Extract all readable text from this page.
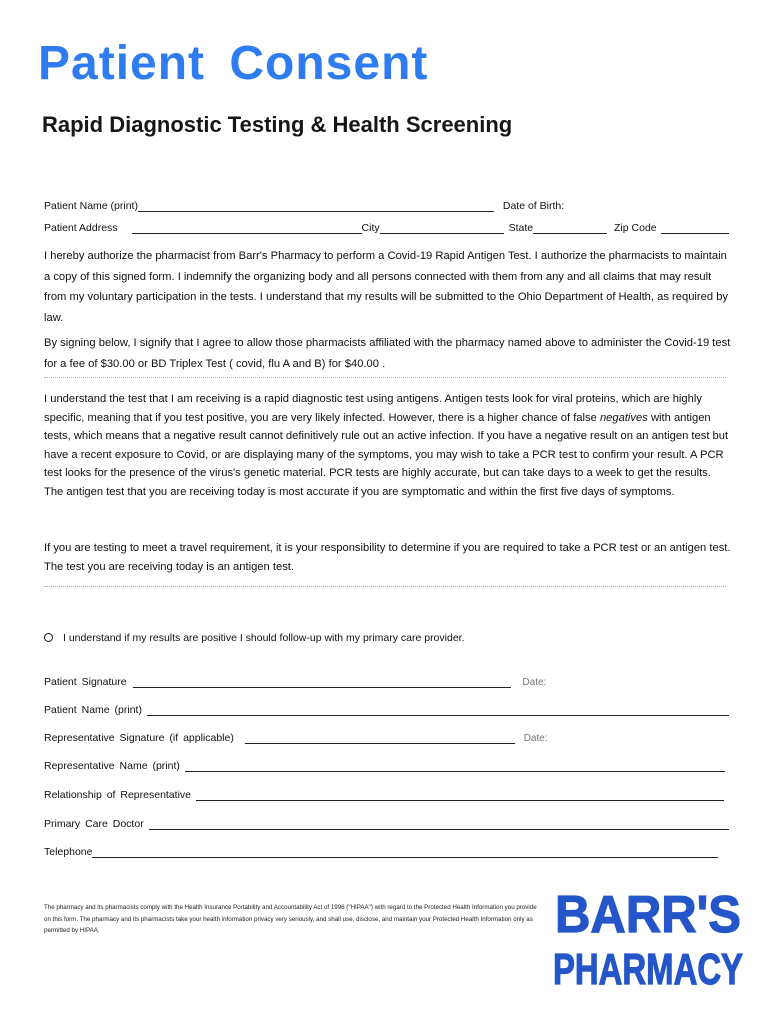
Patient Consent
Rapid Diagnostic Testing & Health Screening
Patient Name (print)	Date of Birth:
Patient Address	City	State	Zip Code
I hereby authorize the pharmacist from Barr's Pharmacy to perform a Covid-19 Rapid Antigen Test. I authorize the pharmacists to maintain a copy of this signed form. I indemnify the organizing body and all persons connected with them from any and all claims that may result from my voluntary participation in the tests. I understand that my results will be submitted to the Ohio Department of Health, as required by law.
By signing below, I signify that I agree to allow those pharmacists affiliated with the pharmacy named above to administer the Covid-19 test for a fee of $30.00 or BD Triplex Test ( covid, flu A and B) for $40.00 .
I understand the test that I am receiving is a rapid diagnostic test using antigens. Antigen tests look for viral proteins, which are highly specific, meaning that if you test positive, you are very likely infected. However, there is a higher chance of false negatives with antigen tests, which means that a negative result cannot definitively rule out an active infection. If you have a negative result on an antigen test but have a recent exposure to Covid, or are displaying many of the symptoms, you may wish to take a PCR test to confirm your result. A PCR test looks for the presence of the virus's genetic material. PCR tests are highly accurate, but can take days to a week to get the results. The antigen test that you are receiving today is most accurate if you are symptomatic and within the first five days of symptoms.
If you are testing to meet a travel requirement, it is your responsibility to determine if you are required to take a PCR test or an antigen test. The test you are receiving today is an antigen test.
I understand if my results are positive I should follow-up with my primary care provider.
Patient Signature	Date:
Patient Name (print)
Representative Signature (if applicable)	Date:
Representative Name (print)
Relationship of Representative
Primary Care Doctor
Telephone
The pharmacy and its pharmacists comply with the Health Insurance Portability and Accountability Act of 1996 ("HIPAA") with regard to the Protected Health Information you provide on this form. The pharmacy and its pharmacists take your health information privacy very seriously, and shall use, disclose, and maintain your Protected Health Information only as permitted by HIPAA.	BARR'S
PHARMACY
